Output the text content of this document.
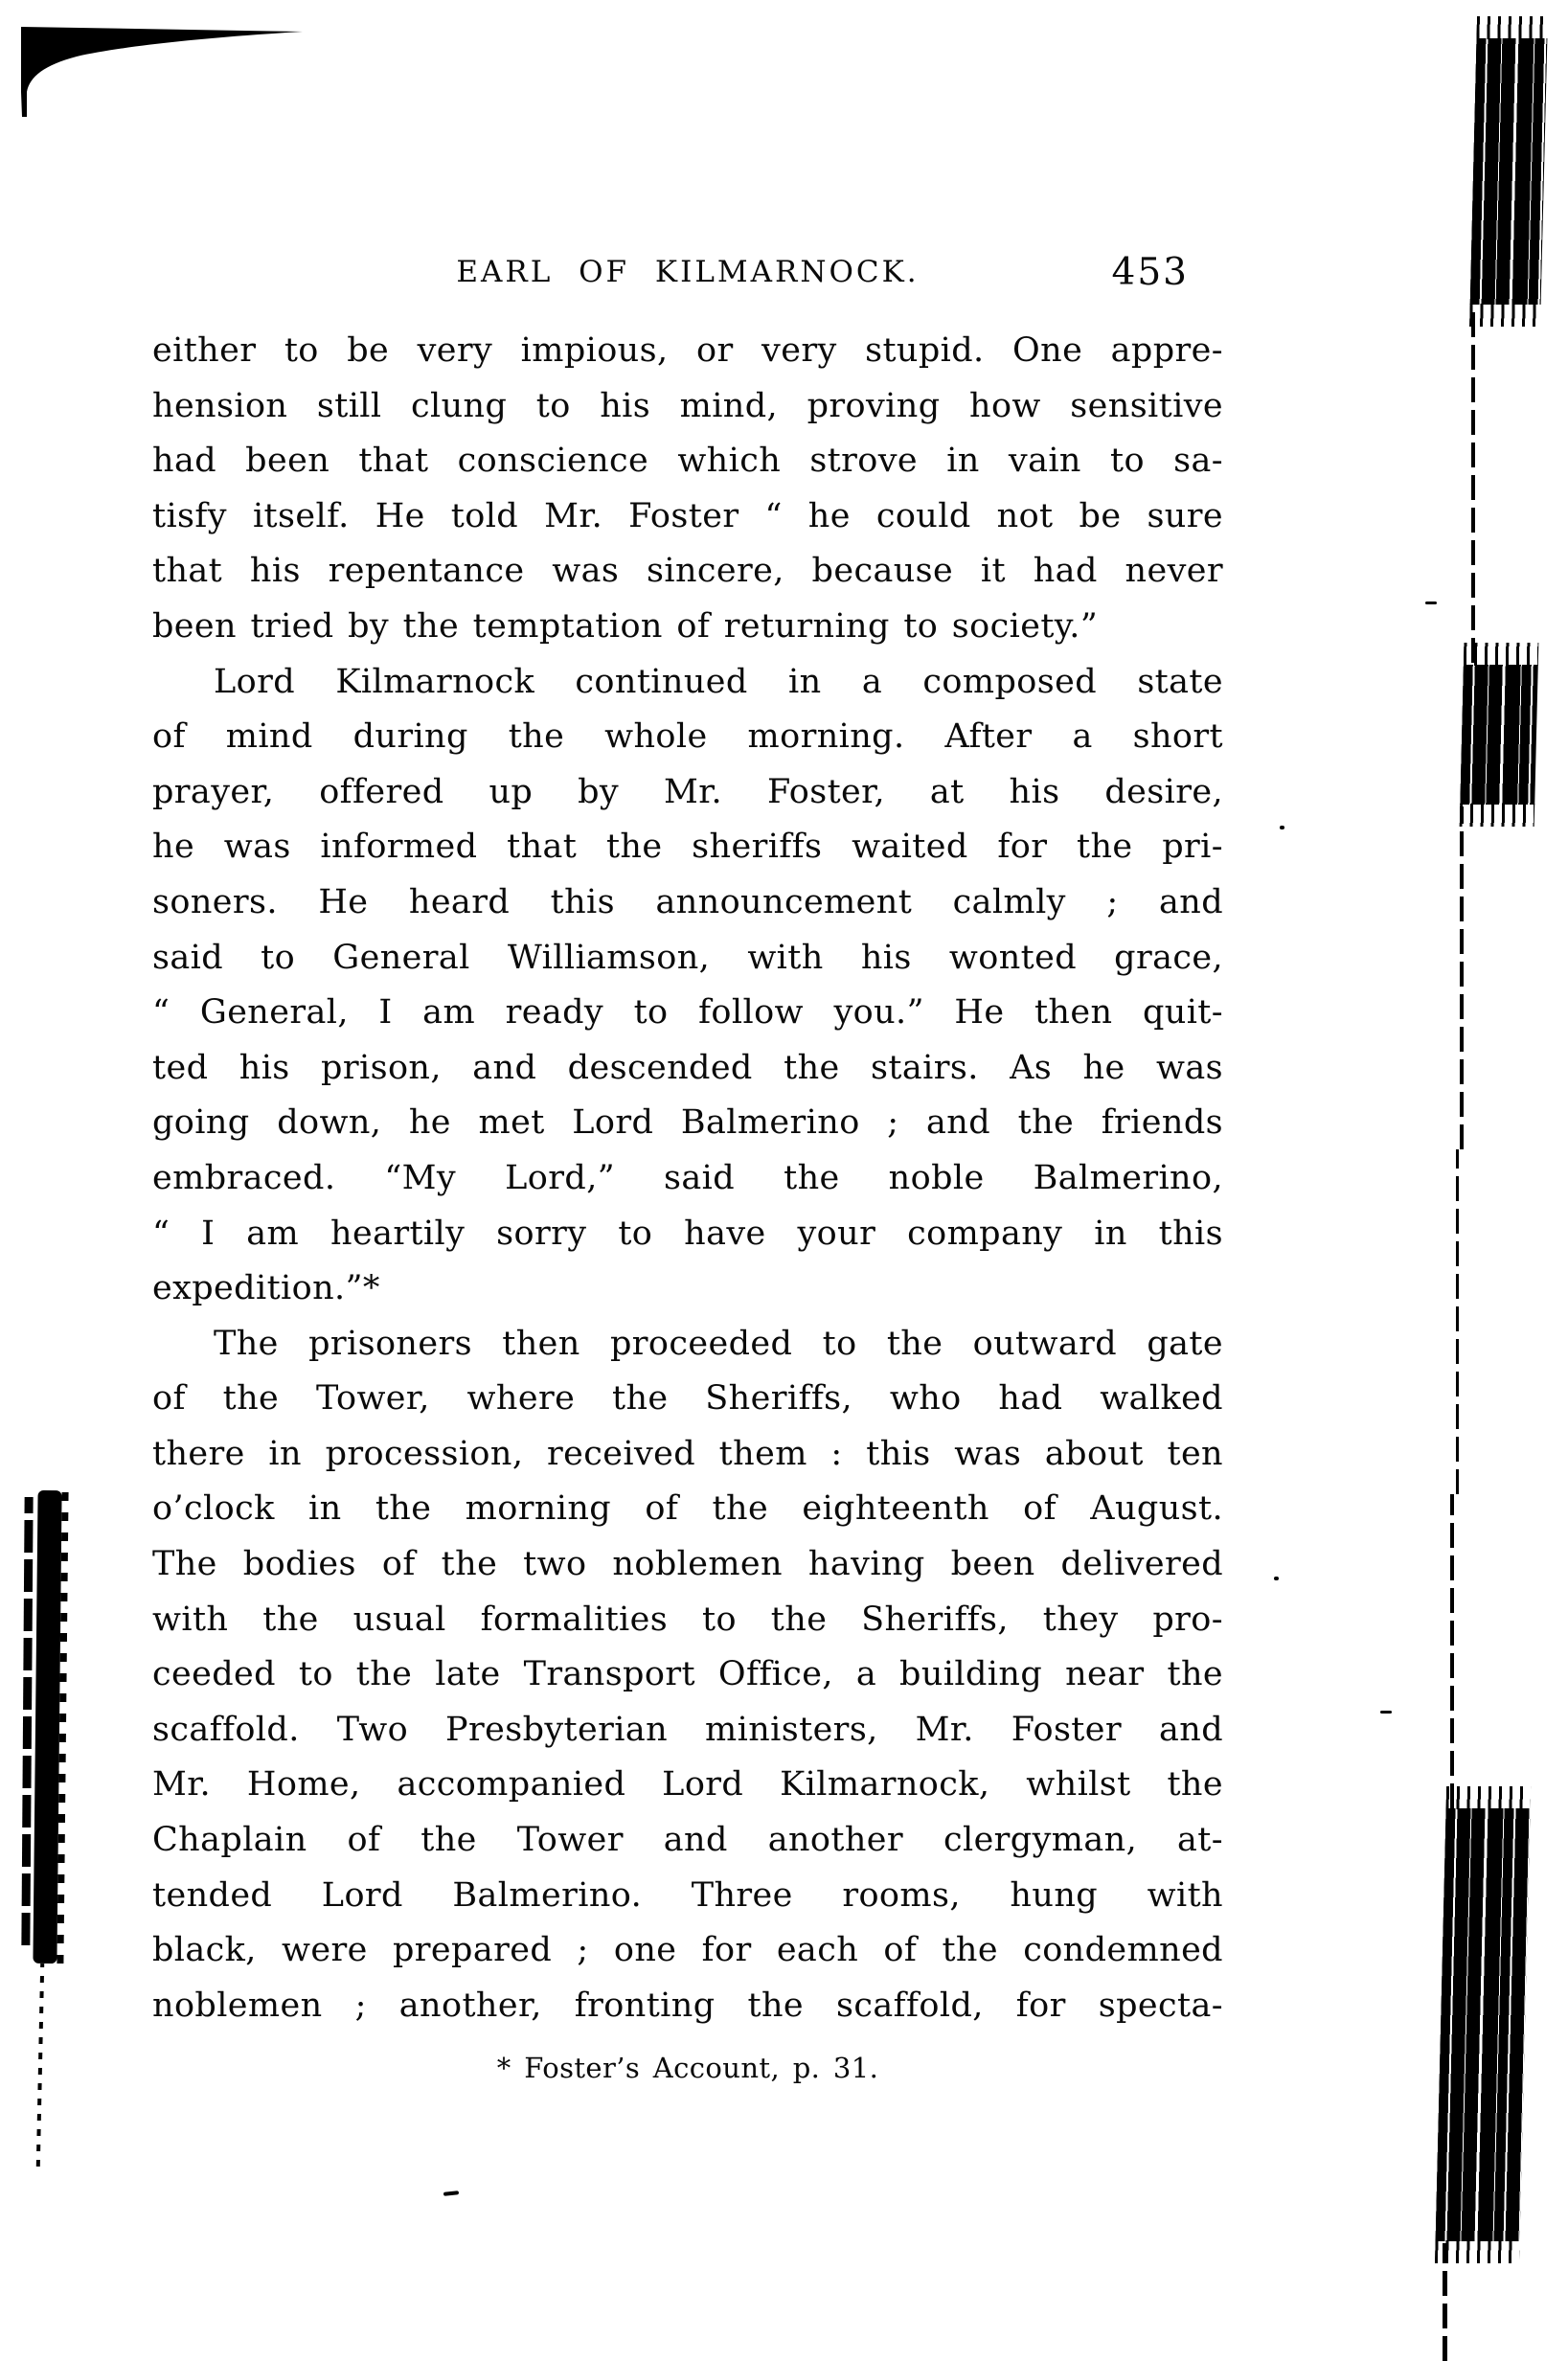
EARL OF KILMARNOCK.	453
either to be very impious, or very stupid. One appre-
hension still clung to his mind, proving how sensitive
had been that conscience which strove in vain to sa-
tisfy itself. He told Mr. Foster “ he could not be sure
that his repentance was sincere, because it had never
been tried by the temptation of returning to society.”
Lord Kilmarnock continued in a composed state
of mind during the whole morning. After a short
prayer, offered up by Mr. Foster, at his desire,
he was informed that the sheriffs waited for the pri-
soners. He heard this announcement calmly ; and
said to General Williamson, with his wonted grace,
“ General, I am ready to follow you.” He then quit-
ted his prison, and descended the stairs. As he was
going down, he met Lord Balmerino ; and the friends
embraced. “My Lord,” said the noble Balmerino,
“ I am heartily sorry to have your company in this
expedition.”*
The prisoners then proceeded to the outward gate
of the Tower, where the Sheriffs, who had walked
there in procession, received them : this was about ten
o’clock in the morning of the eighteenth of August.
The bodies of the two noblemen having been delivered
with the usual formalities to the Sheriffs, they pro-
ceeded to the late Transport Office, a building near the
scaffold. Two Presbyterian ministers, Mr. Foster and
Mr. Home, accompanied Lord Kilmarnock, whilst the
Chaplain of the Tower and another clergyman, at-
tended Lord Balmerino. Three rooms, hung with
black, were prepared ; one for each of the condemned
noblemen ; another, fronting the scaffold, for specta-
* Foster’s Account, p. 31.
